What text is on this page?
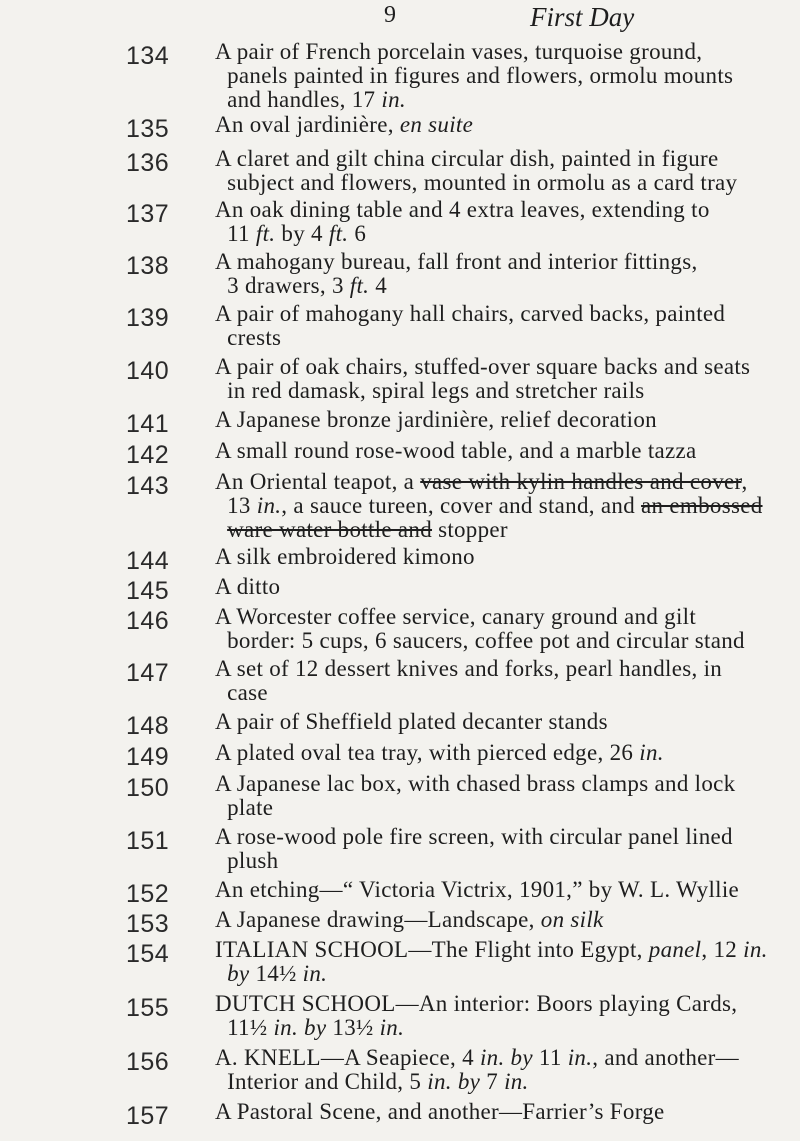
9	First Day
134	A pair of French porcelain vases, turquoise ground,
panels painted in figures and flowers, ormolu mounts
and handles, 17 in.
135	An oval jardinière, en suite
136	A claret and gilt china circular dish, painted in figure
subject and flowers, mounted in ormolu as a card tray
137	An oak dining table and 4 extra leaves, extending to
11 ft. by 4 ft. 6
138	A mahogany bureau, fall front and interior fittings,
3 drawers, 3 ft. 4
139	A pair of mahogany hall chairs, carved backs, painted
crests
140	A pair of oak chairs, stuffed-over square backs and seats
in red damask, spiral legs and stretcher rails
141	A Japanese bronze jardinière, relief decoration
142	A small round rose-wood table, and a marble tazza
143	An Oriental teapot, a vase with kylin handles and cover,
13 in., a sauce tureen, cover and stand, and an embossed
ware water bottle and stopper
144	A silk embroidered kimono
145	A ditto
146	A Worcester coffee service, canary ground and gilt
border: 5 cups, 6 saucers, coffee pot and circular stand
147	A set of 12 dessert knives and forks, pearl handles, in
case
148	A pair of Sheffield plated decanter stands
149	A plated oval tea tray, with pierced edge, 26 in.
150	A Japanese lac box, with chased brass clamps and lock
plate
151	A rose-wood pole fire screen, with circular panel lined
plush
152	An etching—“ Victoria Victrix, 1901,” by W. L. Wyllie
153	A Japanese drawing—Landscape, on silk
154	ITALIAN SCHOOL—The Flight into Egypt, panel, 12 in.
by 14½ in.
155	DUTCH SCHOOL—An interior: Boors playing Cards,
11½ in. by 13½ in.
156	A. KNELL—A Seapiece, 4 in. by 11 in., and another—
Interior and Child, 5 in. by 7 in.
157	A Pastoral Scene, and another—Farrier’s Forge
